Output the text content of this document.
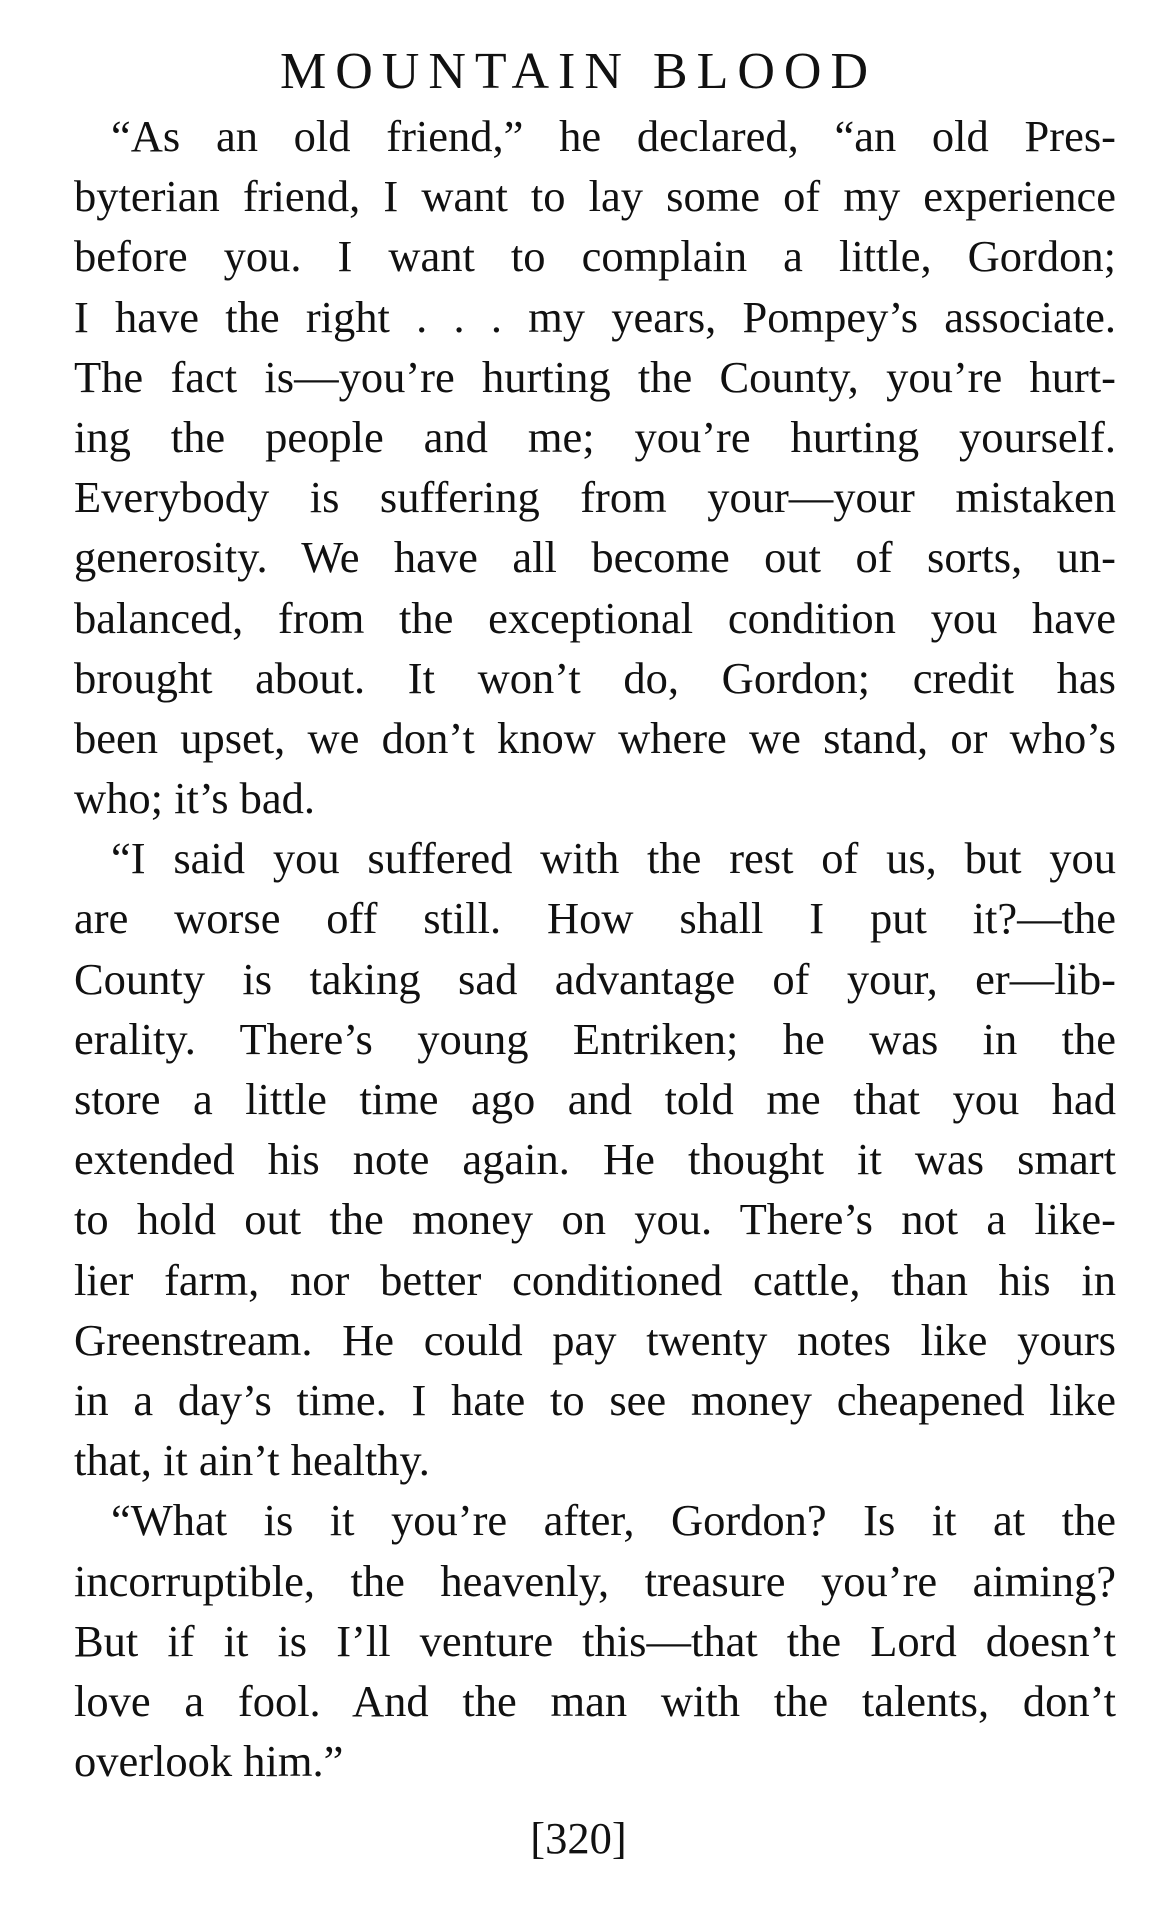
MOUNTAIN BLOOD
“As an old friend,” he declared, “an old Pres-
byterian friend, I want to lay some of my experience
before you. I want to complain a little, Gordon;
I have the right . . . my years, Pompey’s associate.
The fact is—you’re hurting the County, you’re hurt-
ing the people and me; you’re hurting yourself.
Everybody is suffering from your—your mistaken
generosity. We have all become out of sorts, un-
balanced, from the exceptional condition you have
brought about. It won’t do, Gordon; credit has
been upset, we don’t know where we stand, or who’s
who; it’s bad.
“I said you suffered with the rest of us, but you
are worse off still. How shall I put it?—the
County is taking sad advantage of your, er—lib-
erality. There’s young Entriken; he was in the
store a little time ago and told me that you had
extended his note again. He thought it was smart
to hold out the money on you. There’s not a like-
lier farm, nor better conditioned cattle, than his in
Greenstream. He could pay twenty notes like yours
in a day’s time. I hate to see money cheapened like
that, it ain’t healthy.
“What is it you’re after, Gordon? Is it at the
incorruptible, the heavenly, treasure you’re aiming?
But if it is I’ll venture this—that the Lord doesn’t
love a fool. And the man with the talents, don’t
overlook him.”
[320]
